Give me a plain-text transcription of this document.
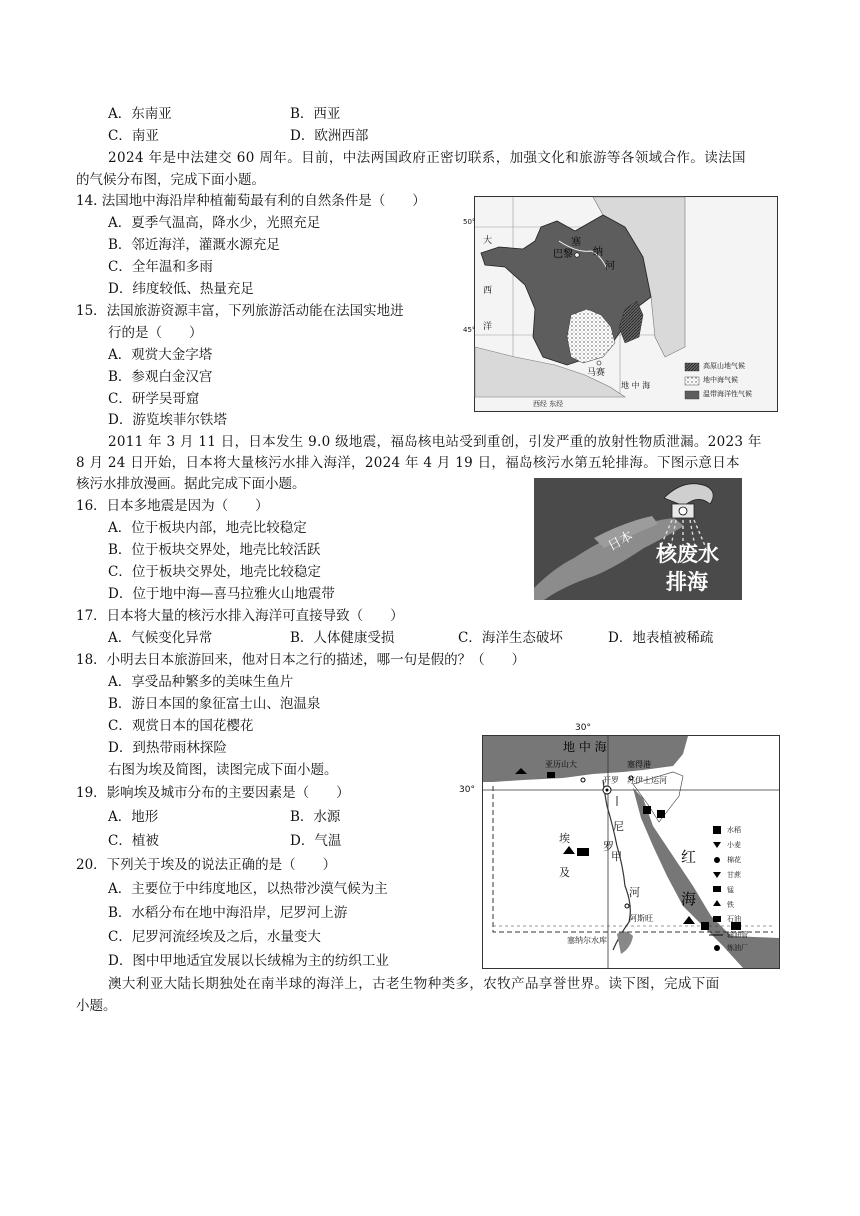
A．东南亚	B．西亚
C．南亚	D．欧洲西部
2024 年是中法建交 60 周年。目前，中法两国政府正密切联系，加强文化和旅游等各领域合作。读法国
的气候分布图，完成下面小题。
14. 法国地中海沿岸种植葡萄最有利的自然条件是（　　）
A．夏季气温高，降水少，光照充足
B．邻近海洋，灌溉水源充足
C．全年温和多雨
D．纬度较低、热量充足
15．法国旅游资源丰富，下列旅游活动能在法国实地进
行的是（　　）
A．观赏大金字塔
B．参观白金汉宫
C．研学吴哥窟
D．游览埃菲尔铁塔
50°
45°
大
西
洋
塞
纳
河
巴黎
马赛
地 中 海
西经 东经
高原山地气候
地中海气候
温带海洋性气候
2011 年 3 月 11 日，日本发生 9.0 级地震，福岛核电站受到重创，引发严重的放射性物质泄漏。2023 年
8 月 24 日开始，日本将大量核污水排入海洋，2024 年 4 月 19 日，福岛核污水第五轮排海。下图示意日本
核污水排放漫画。据此完成下面小题。
日本 核废水
排海
16．日本多地震是因为（　　）
A．位于板块内部，地壳比较稳定
B．位于板块交界处，地壳比较活跃
C．位于板块交界处，地壳比较稳定
D．位于地中海—喜马拉雅火山地震带
17．日本将大量的核污水排入海洋可直接导致（　　）
A．气候变化异常	B．人体健康受损	C．海洋生态破坏	D．地表植被稀疏
18．小明去日本旅游回来，他对日本之行的描述，哪一句是假的？（　　）
A．享受品种繁多的美味生鱼片
B．游日本国的象征富士山、泡温泉
C．观赏日本的国花樱花
D．到热带雨林探险
右图为埃及简图，读图完成下面小题。
19．影响埃及城市分布的主要因素是（　　）
A．地形	B．水源
C．植被	D．气温
20．下列关于埃及的说法正确的是（　　）
A．主要位于中纬度地区，以热带沙漠气候为主
B．水稻分布在地中海沿岸，尼罗河上游
C．尼罗河流经埃及之后，水量变大
D．图中甲地适宜发展以长绒棉为主的纺织工业
30°
30°
地 中 海
亚历山大	塞得港
开罗 苏伊士运河
埃
及
尼
罗
甲
河
红
海
阿斯旺
塞纳尔水库
水稻
小麦
棉花
甘蔗
锰
铁
石油
输油管
炼油厂
澳大利亚大陆长期独处在南半球的海洋上，古老生物种类多，农牧产品享誉世界。读下图，完成下面
小题。
